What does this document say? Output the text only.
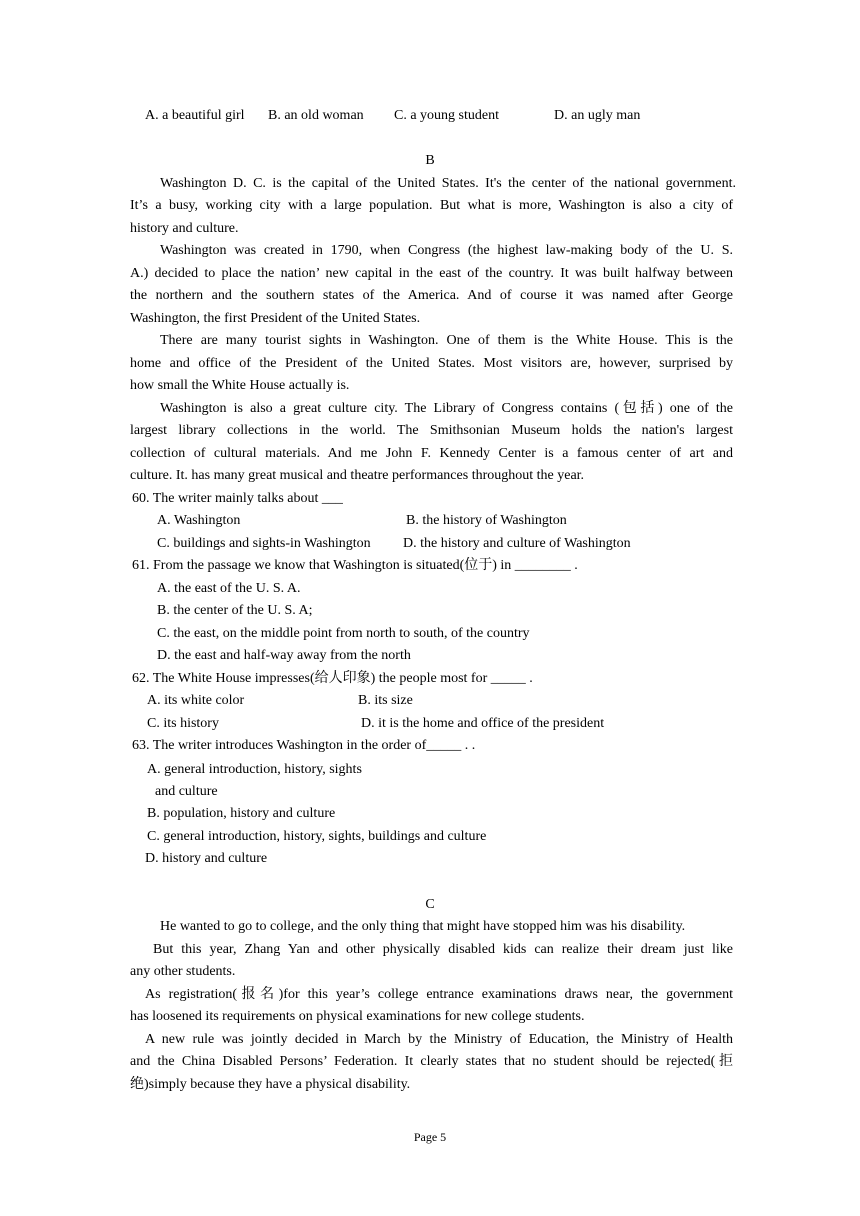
A. a beautiful girl B. an old woman C. a young student	D. an ugly man
B
Washington D. C. is the capital of the United States. It's the center of the national government.
It’s a busy, working city with a large population. But what is more, Washington is also a city of
history and culture.
Washington was created in 1790, when Congress (the highest law-making body of the U. S.
A.) decided to place the nation’ new capital in the east of the country. It was built halfway between
the northern and the southern states of the America. And of course it was named after George
Washington, the first President of the United States.
There are many tourist sights in Washington. One of them is the White House. This is the
home and office of the President of the United States. Most visitors are, however, surprised by
how small the White House actually is.
Washington is also a great culture city. The Library of Congress contains (包括) one of the
largest library collections in the world. The Smithsonian Museum holds the nation's largest
collection of cultural materials. And me John F. Kennedy Center is a famous center of art and
culture. It. has many great musical and theatre performances throughout the year.
60. The writer mainly talks about ___
A. Washington	B. the history of Washington
C. buildings and sights-in Washington D. the history and culture of Washington
61. From the passage we know that Washington is situated(位于) in ________ .
A. the east of the U. S. A.
B. the center of the U. S. A;
C. the east, on the middle point from north to south, of the country
D. the east and half-way away from the north
62. The White House impresses(给人印象) the people most for _____ .
A. its white color	B. its size
C. its history	D. it is the home and office of the president
63. The writer introduces Washington in the order of_____ . .
A. general introduction, history, sights
and culture
B. population, history and culture
C. general introduction, history, sights, buildings and culture
D. history and culture
C
He wanted to go to college, and the only thing that might have stopped him was his disability.
But this year, Zhang Yan and other physically disabled kids can realize their dream just like
any other students.
As registration(报名)for this year’s college entrance examinations draws near, the government
has loosened its requirements on physical examinations for new college students.
A new rule was jointly decided in March by the Ministry of Education, the Ministry of Health
and the China Disabled Persons’ Federation. It clearly states that no student should be rejected(拒
绝)simply because they have a physical disability.
Page 5
